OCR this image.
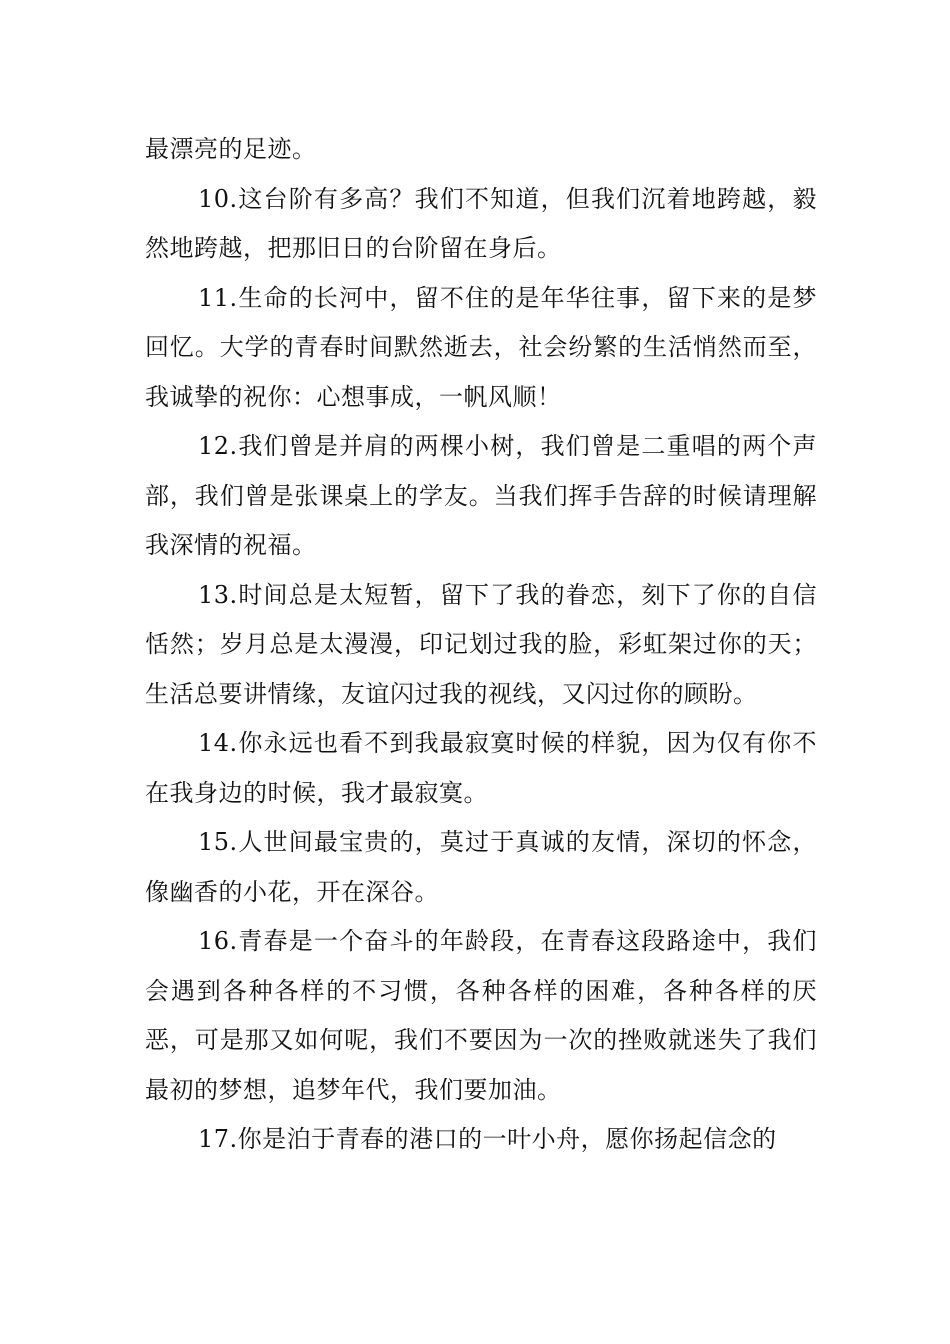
最漂亮的足迹。

10.这台阶有多高？我们不知道，但我们沉着地跨越，毅然地跨越，把那旧日的台阶留在身后。

11.生命的长河中，留不住的是年华往事，留下来的是梦回忆。大学的青春时间默然逝去，社会纷繁的生活悄然而至，我诚挚的祝你：心想事成，一帆风顺！

12.我们曾是并肩的两棵小树，我们曾是二重唱的两个声部，我们曾是张课桌上的学友。当我们挥手告辞的时候请理解我深情的祝福。

13.时间总是太短暂，留下了我的眷恋，刻下了你的自信恬然；岁月总是太漫漫，印记划过我的脸，彩虹架过你的天；生活总要讲情缘，友谊闪过我的视线，又闪过你的顾盼。

14.你永远也看不到我最寂寞时候的样貌，因为仅有你不在我身边的时候，我才最寂寞。

15.人世间最宝贵的，莫过于真诚的友情，深切的怀念，像幽香的小花，开在深谷。

16.青春是一个奋斗的年龄段，在青春这段路途中，我们会遇到各种各样的不习惯，各种各样的困难，各种各样的厌恶，可是那又如何呢，我们不要因为一次的挫败就迷失了我们最初的梦想，追梦年代，我们要加油。

17.你是泊于青春的港口的一叶小舟，愿你扬起信念的
